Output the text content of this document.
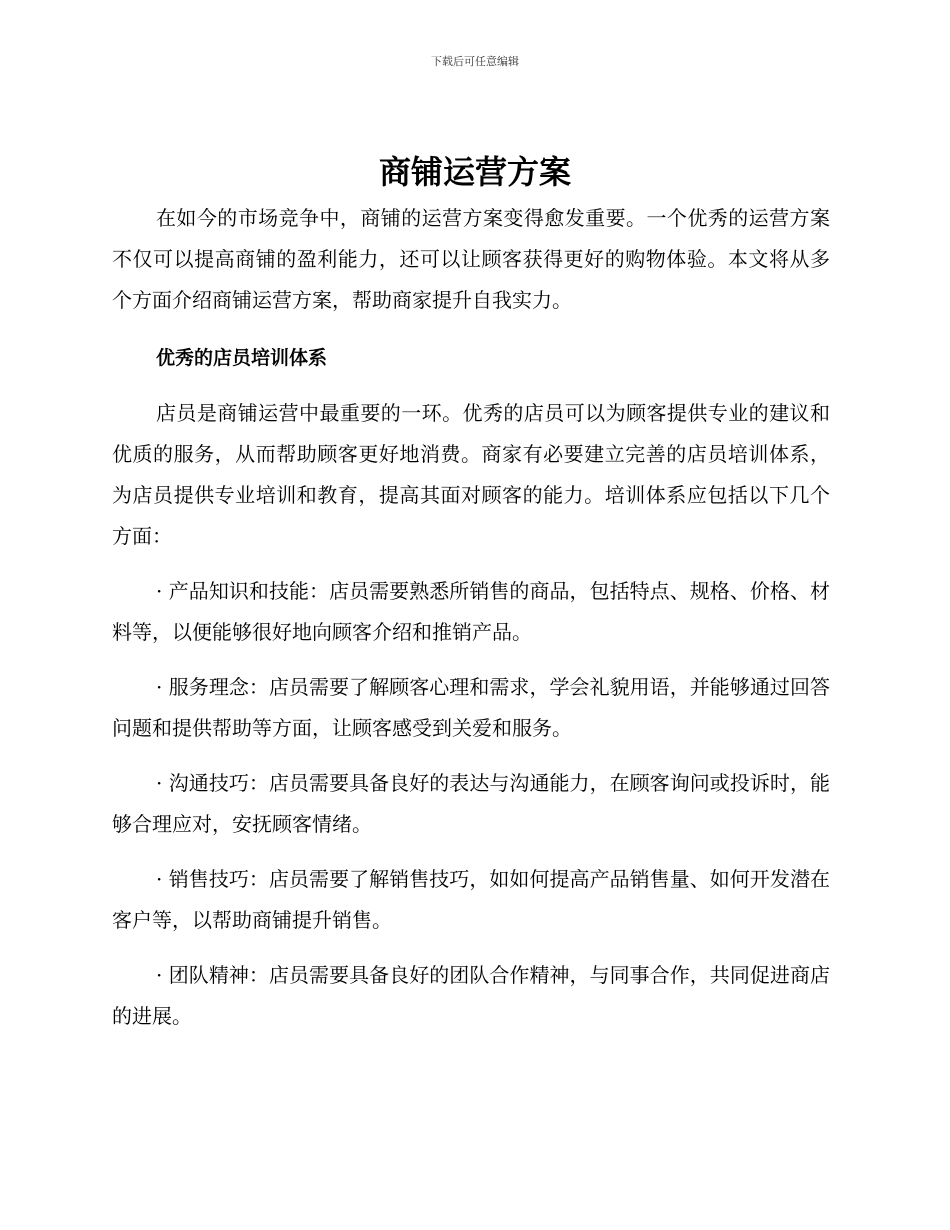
下载后可任意编辑
商铺运营方案

在如今的市场竞争中，商铺的运营方案变得愈发重要。一个优秀的运营方案不仅可以提高商铺的盈利能力，还可以让顾客获得更好的购物体验。本文将从多个方面介绍商铺运营方案，帮助商家提升自我实力。

优秀的店员培训体系

店员是商铺运营中最重要的一环。优秀的店员可以为顾客提供专业的建议和优质的服务，从而帮助顾客更好地消费。商家有必要建立完善的店员培训体系，为店员提供专业培训和教育，提高其面对顾客的能力。培训体系应包括以下几个方面：

· 产品知识和技能：店员需要熟悉所销售的商品，包括特点、规格、价格、材料等，以便能够很好地向顾客介绍和推销产品。

· 服务理念：店员需要了解顾客心理和需求，学会礼貌用语，并能够通过回答问题和提供帮助等方面，让顾客感受到关爱和服务。

· 沟通技巧：店员需要具备良好的表达与沟通能力，在顾客询问或投诉时，能够合理应对，安抚顾客情绪。

· 销售技巧：店员需要了解销售技巧，如如何提高产品销售量、如何开发潜在客户等，以帮助商铺提升销售。

· 团队精神：店员需要具备良好的团队合作精神，与同事合作，共同促进商店的进展。
